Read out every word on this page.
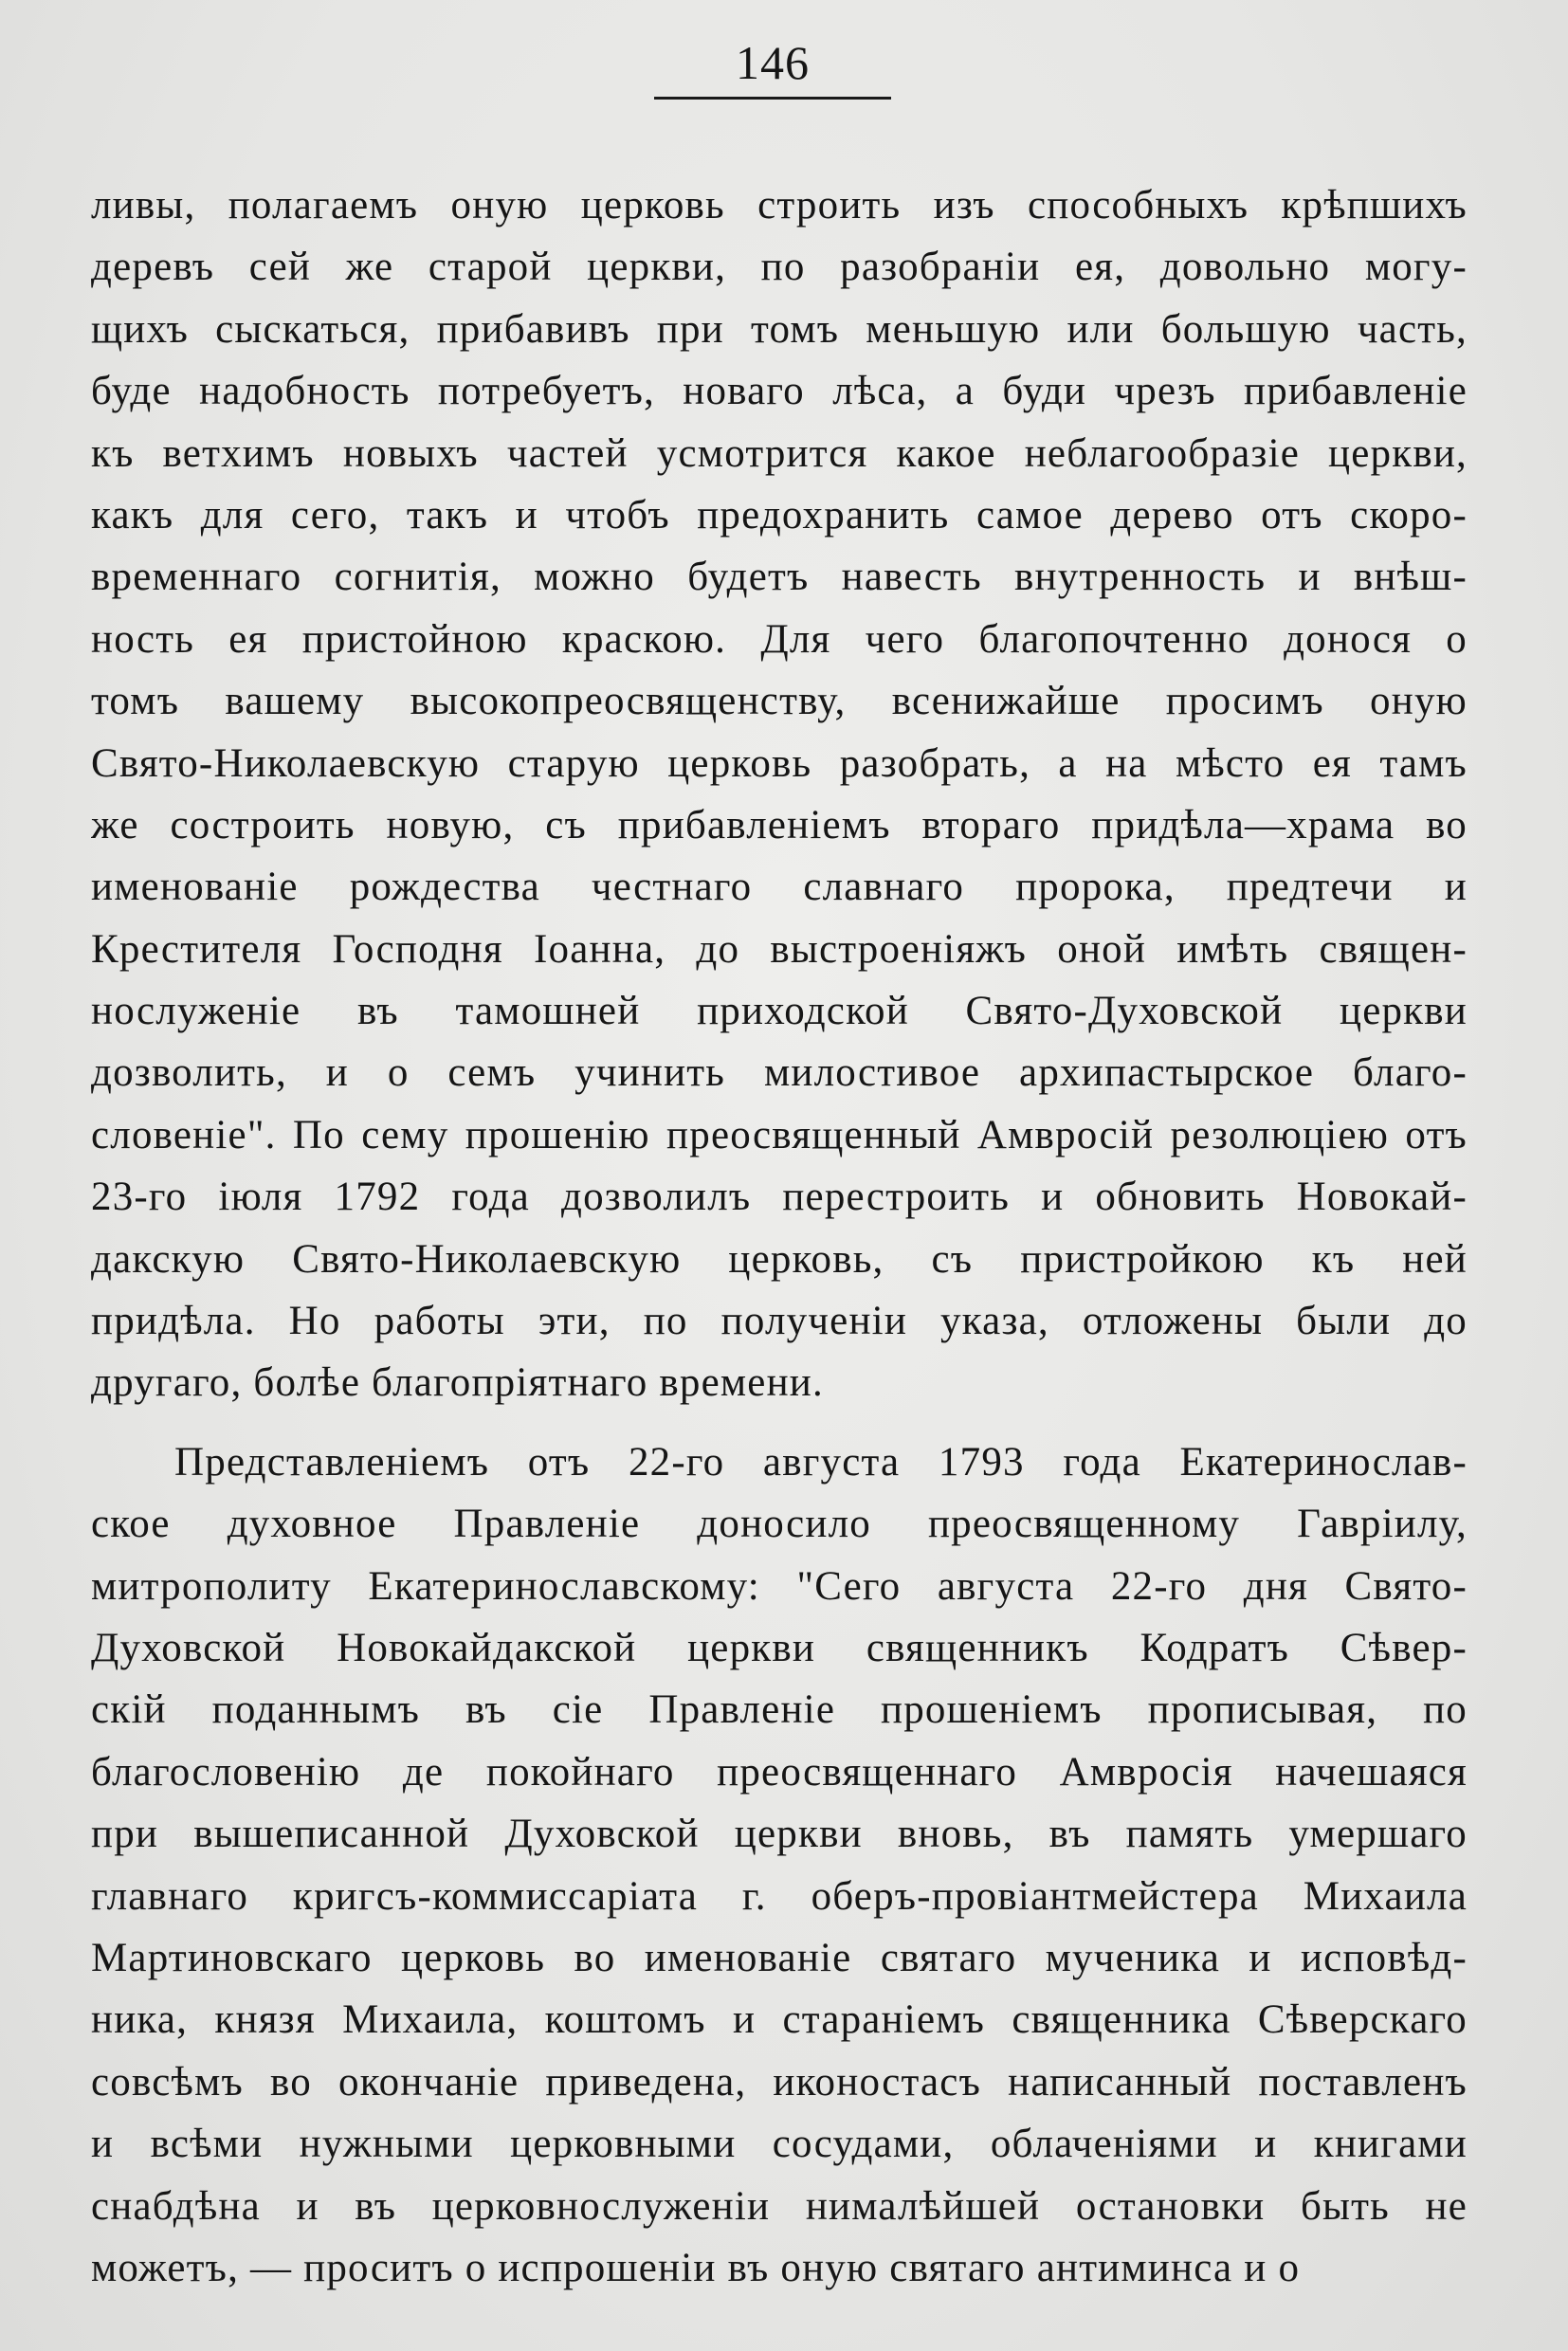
146
ливы, полагаемъ оную церковь строить изъ способныхъ крѣпшихъ
деревъ сей же старой церкви, по разобраніи ея, довольно могу-
щихъ сыскаться, прибавивъ при томъ меньшую или большую часть,
буде надобность потребуетъ, новаго лѣса, а буди чрезъ прибавленіе
къ ветхимъ новыхъ частей усмотрится какое неблагообразіе церкви,
какъ для сего, такъ и чтобъ предохранить самое дерево отъ скоро-
временнаго согнитія, можно будетъ навесть внутренность и внѣш-
ность ея пристойною краскою. Для чего благопочтенно донося о
томъ вашему высокопреосвященству, всенижайше просимъ оную
Свято-Николаевскую старую церковь разобрать, а на мѣсто ея тамъ
же состроить новую, съ прибавленіемъ втораго придѣла—храма во
именованіе рождества честнаго славнаго пророка, предтечи и
Крестителя Господня Іоанна, до выстроенiяжъ оной имѣть священ-
нослуженіе въ тамошней приходской Свято-Духовской церкви
дозволить, и о семъ учинить милостивое архипастырское благо-
словеніе". По сему прошенію преосвященный Амвросій резолюціею отъ
23-го іюля 1792 года дозволилъ перестроить и обновить Новокай-
дакскую Свято-Николаевскую церковь, съ пристройкою къ ней
придѣла. Но работы эти, по полученіи указа, отложены были до
другаго, болѣе благопріятнаго времени.
Представленіемъ отъ 22-го августа 1793 года Екатеринослав-
ское духовное Правленіе доносило преосвященному Гавріилу,
митрополиту Екатеринославскому: "Сего августа 22-го дня Свято-
Духовской Новокайдакской церкви священникъ Кодратъ Сѣвер-
скій поданнымъ въ сіе Правленіе прошеніемъ прописывая, по
благословенію де покойнаго преосвященнаго Амвросія начешаяся
при вышеписанной Духовской церкви вновь, въ память умершаго
главнаго кригсъ-коммиссаріата г. оберъ-провіантмейстера Михаила
Мартиновскаго церковь во именованіе святаго мученика и исповѣд-
ника, князя Михаила, коштомъ и стараніемъ священника Сѣверскаго
совсѣмъ во окончаніе приведена, иконостасъ написанный поставленъ
и всѣми нужными церковными сосудами, облаченіями и книгами
снабдѣна и въ церковнослуженіи нималѣйшей остановки быть не
можетъ, — проситъ о испрошеніи въ оную святаго антиминса и о
